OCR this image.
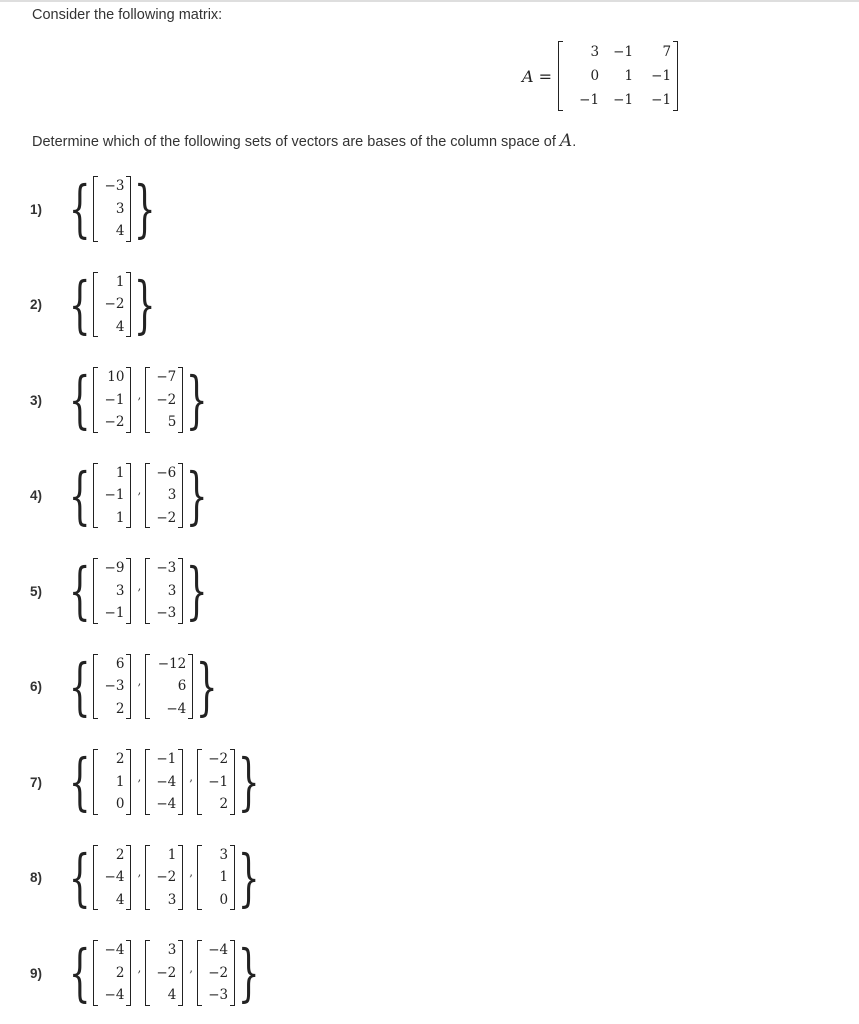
Consider the following matrix:

A =
3	−1	7
0	1	−1
−1	−1	−1

Determine which of the following sets of vectors are bases of the column space of A.

1) {	−3
3
4 }
2) {	1
−2
4 }
3) {	10
−1
−2
,
−7
−2
5 }
4) {	1
−1
1
,
−6
3
−2 }
5) {	−9
3
−1
,
−3
3
−3 }
6) {	6
−3
2
,
−12
6
−4 }
7) {	2
1
0
,
−1
−4
−4
,
−2
−1
2 }
8) {	2
−4
4
,
1
−2
3
,
3
1
0 }
9) {	−4
2
−4
,
3
−2
4
,
−4
−2
−3 }
